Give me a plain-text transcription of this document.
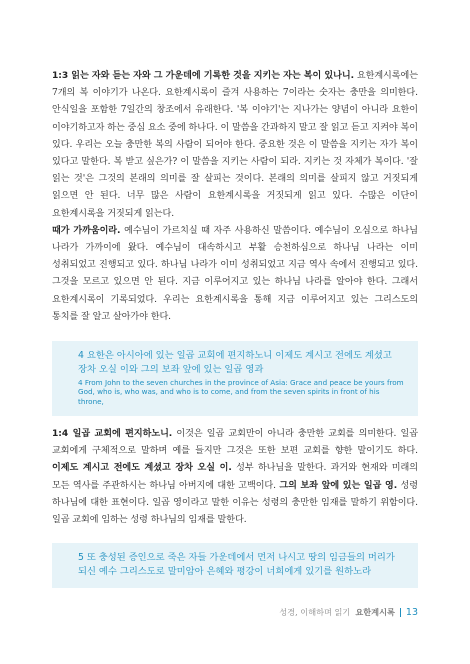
1:3 읽는 자와 듣는 자와 그 가운데에 기록한 것을 지키는 자는 복이 있나니. 요한계시록에는 7개의 복 이야기가 나온다. 요한계시록이 즐겨 사용하는 7이라는 숫자는 충만을 의미한다. 안식일을 포함한 7일간의 창조에서 유래한다. '복 이야기'는 지나가는 양념이 아니라 요한이 이야기하고자 하는 중심 요소 중에 하나다. 이 말씀을 간과하지 말고 잘 읽고 듣고 지켜야 복이 있다. 우리는 오늘 충만한 복의 사람이 되어야 한다. 중요한 것은 이 말씀을 지키는 자가 복이 있다고 말한다. 복 받고 싶은가? 이 말씀을 지키는 사람이 되라. 지키는 것 자체가 복이다. '잘 읽는 것'은 그것의 본래의 의미를 잘 살피는 것이다. 본래의 의미를 살피지 않고 거짓되게 읽으면 안 된다. 너무 많은 사람이 요한계시록을 거짓되게 읽고 있다. 수많은 이단이 요한계시록을 거짓되게 읽는다.

때가 가까움이라. 예수님이 가르치실 때 자주 사용하신 말씀이다. 예수님이 오심으로 하나님 나라가 가까이에 왔다. 예수님이 대속하시고 부활 승천하심으로 하나님 나라는 이미 성취되었고 진행되고 있다. 하나님 나라가 이미 성취되었고 지금 역사 속에서 진행되고 있다. 그것을 모르고 있으면 안 된다. 지금 이루어지고 있는 하나님 나라를 알아야 한다. 그래서 요한계시록이 기록되었다. 우리는 요한계시록을 통해 지금 이루어지고 있는 그리스도의 통치를 잘 알고 살아가야 한다.

4 요한은 아시아에 있는 일곱 교회에 편지하노니 이제도 계시고 전에도 계셨고 장차 오실 이와 그의 보좌 앞에 있는 일곱 영과

4 From John to the seven churches in the province of Asia: Grace and peace be yours from God, who is, who was, and who is to come, and from the seven spirits in front of his throne,

1:4 일곱 교회에 편지하노니. 이것은 일곱 교회만이 아니라 충만한 교회를 의미한다. 일곱 교회에게 구체적으로 말하며 예를 들지만 그것은 또한 보편 교회를 향한 말이기도 하다. 이제도 계시고 전에도 계셨고 장차 오실 이. 성부 하나님을 말한다. 과거와 현재와 미래의 모든 역사를 주관하시는 하나님 아버지에 대한 고백이다. 그의 보좌 앞에 있는 일곱 영. 성령 하나님에 대한 표현이다. 일곱 영이라고 말한 이유는 성령의 충만한 임재를 말하기 위함이다. 일곱 교회에 임하는 성령 하나님의 임재를 말한다.

5 또 충성된 증인으로 죽은 자들 가운데에서 먼저 나시고 땅의 임금들의 머리가 되신 예수 그리스도로 말미암아 은혜와 평강이 너희에게 있기를 원하노라

성경, 이해하며 읽기 요한계시록 13
